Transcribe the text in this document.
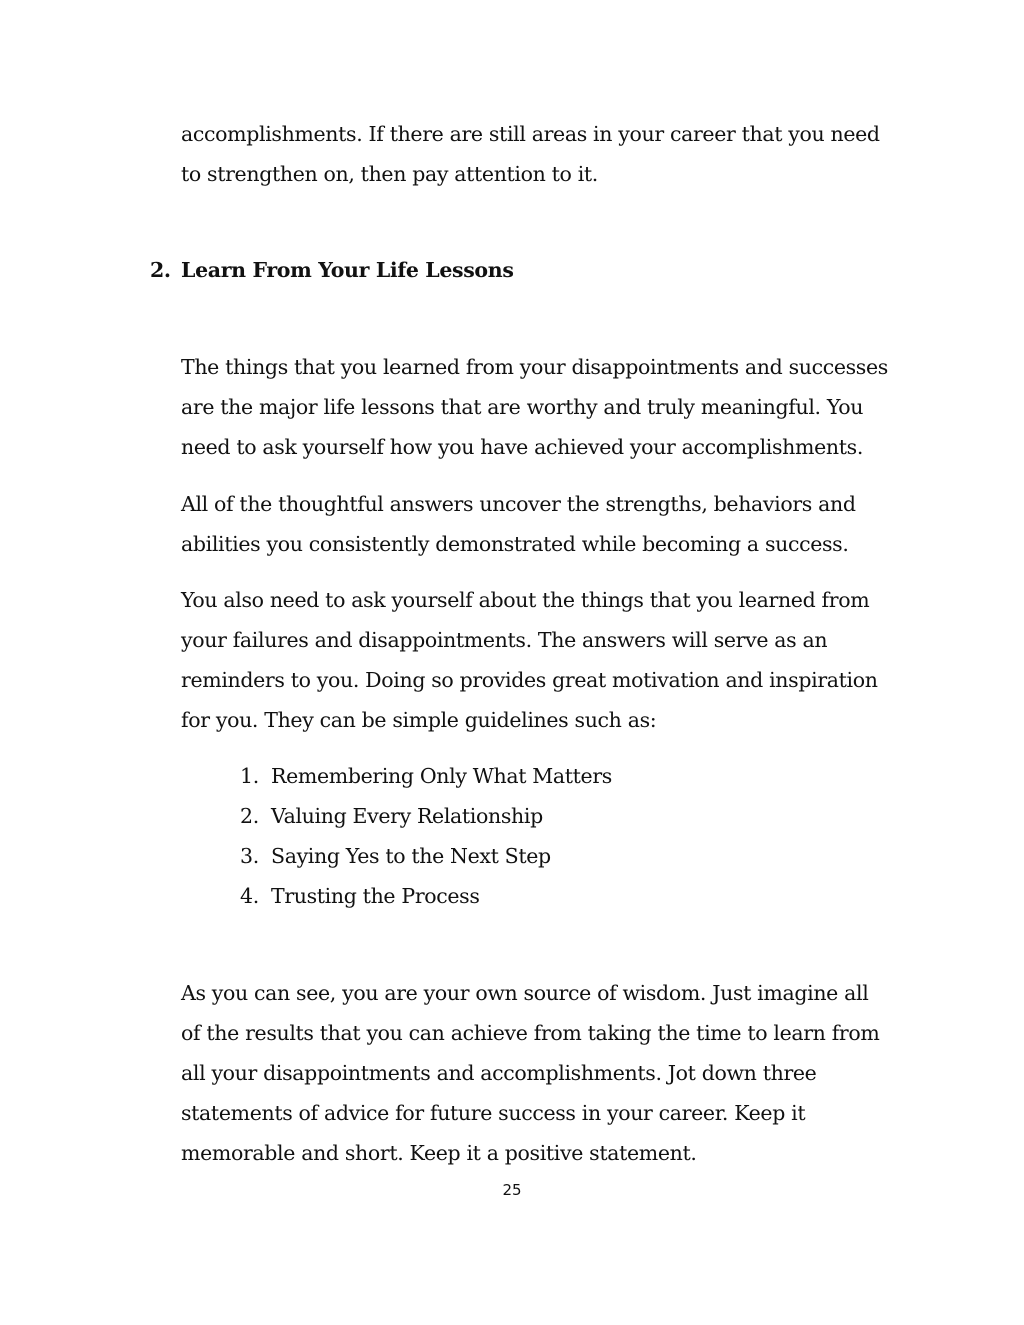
accomplishments. If there are still areas in your career that you need
to strengthen on, then pay attention to it.

2. Learn From Your Life Lessons

The things that you learned from your disappointments and successes
are the major life lessons that are worthy and truly meaningful. You
need to ask yourself how you have achieved your accomplishments.

All of the thoughtful answers uncover the strengths, behaviors and
abilities you consistently demonstrated while becoming a success.

You also need to ask yourself about the things that you learned from
your failures and disappointments. The answers will serve as an
reminders to you. Doing so provides great motivation and inspiration
for you. They can be simple guidelines such as:

1. Remembering Only What Matters
2. Valuing Every Relationship
3. Saying Yes to the Next Step
4. Trusting the Process

As you can see, you are your own source of wisdom. Just imagine all
of the results that you can achieve from taking the time to learn from
all your disappointments and accomplishments. Jot down three
statements of advice for future success in your career. Keep it
memorable and short. Keep it a positive statement.

25
